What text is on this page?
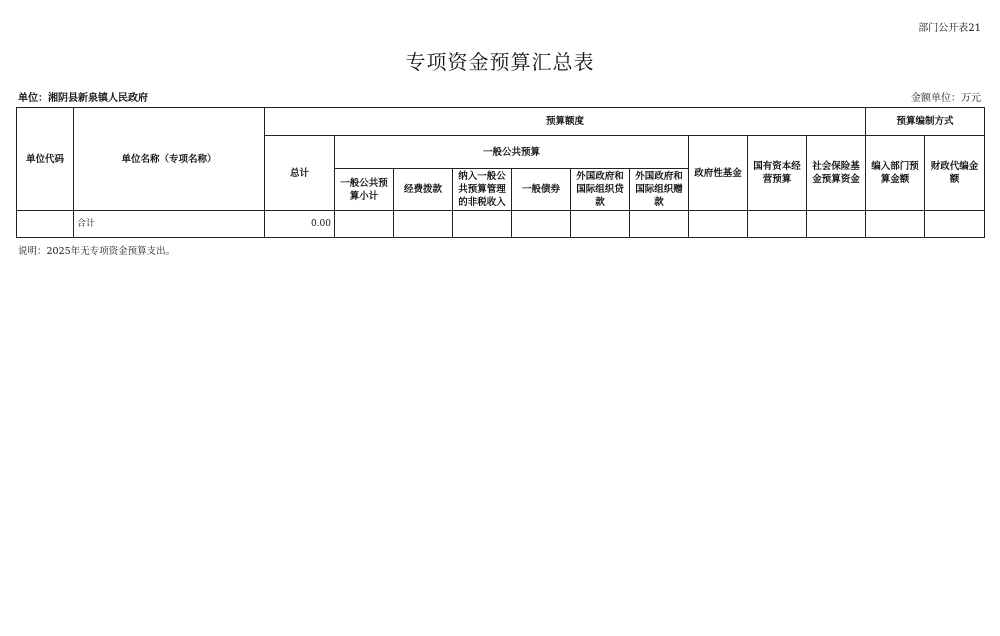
部门公开表21
专项资金预算汇总表
单位：湘阴县新泉镇人民政府	金额单位：万元
单位代码	单位名称（专项名称）	预算额度										预算编制方式	
		总计	一般公共预算						政府性基金	国有资本经营预算	社会保险基金预算资金	编入部门预算金额	财政代编金额
			一般公共预算小计	经费拨款	纳入一般公共预算管理的非税收入	一般债券	外国政府和国际组织贷款	外国政府和国际组织赠款					
	合计	0.00											
说明：2025年无专项资金预算支出。
